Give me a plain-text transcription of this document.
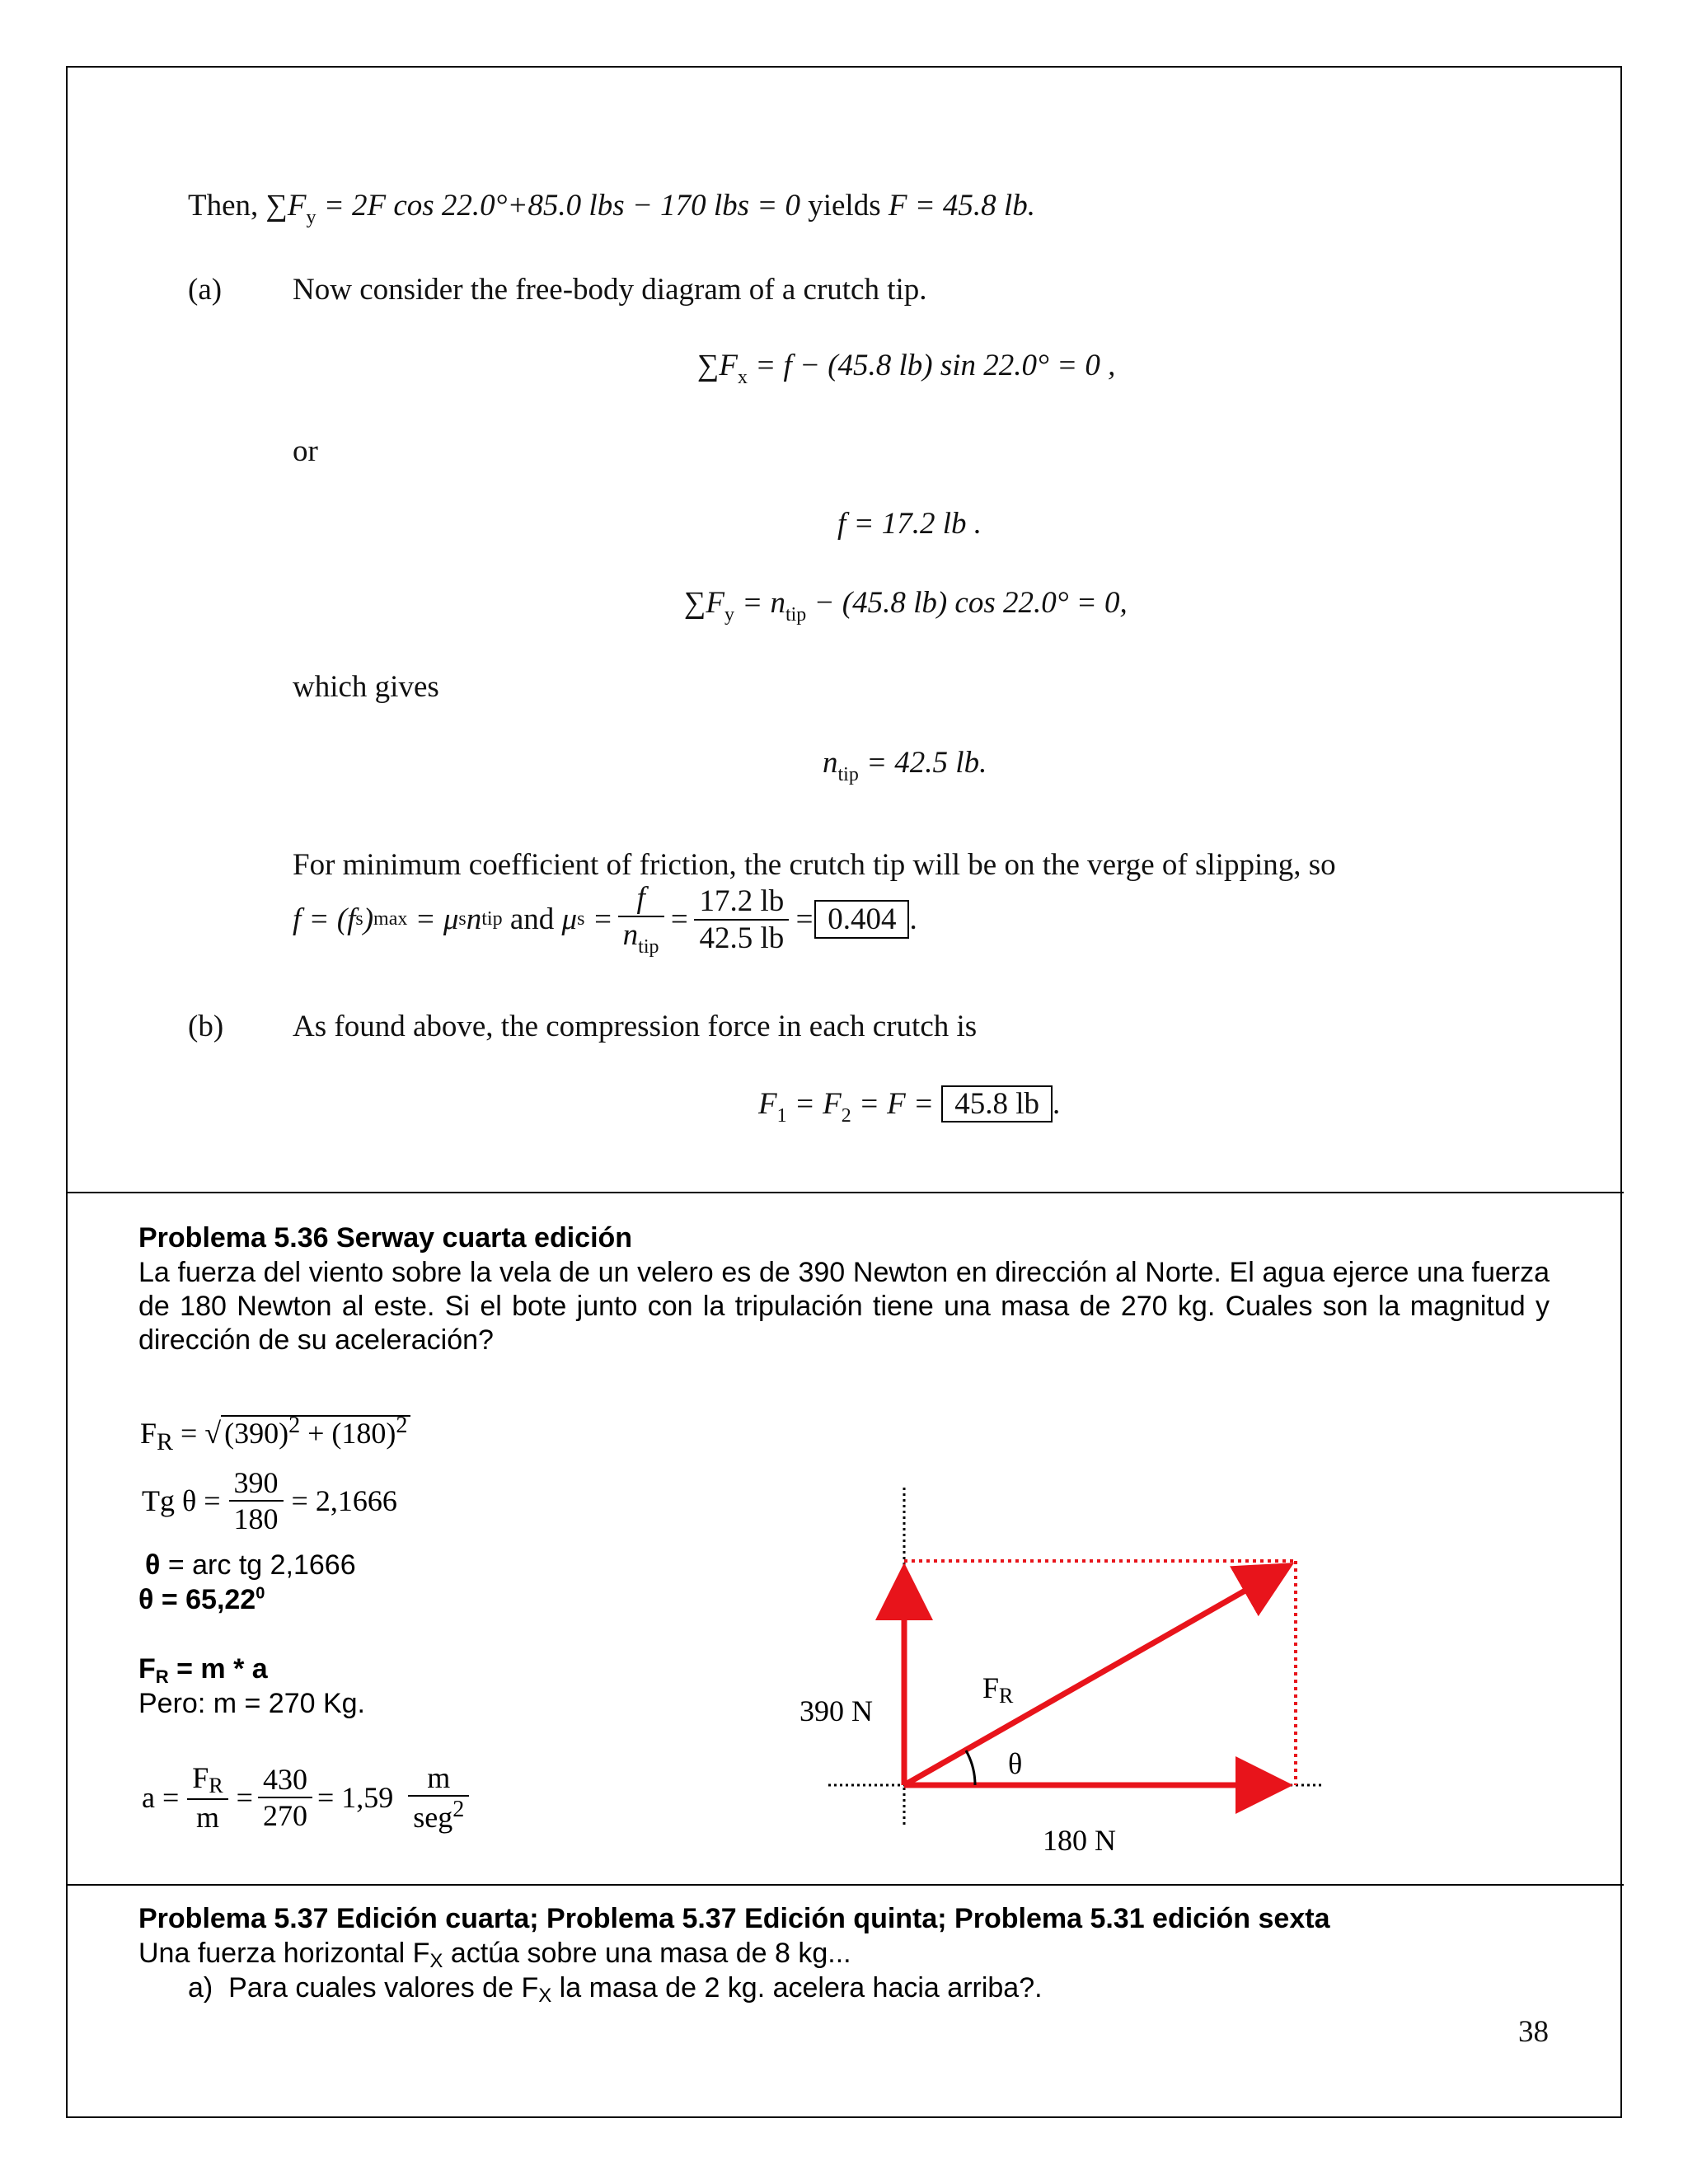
Then, $\sum F_y = 2F$ cos 22.0°+85.0 lbs − 170 lbs = 0 yields F = 45.8 lb.
(a) Now consider the free-body diagram of a crutch tip.
$\sum F_x = f - (45.8$ lb) sin 22.0° = 0 ,
or
f = 17.2 lb .
$\sum F_y = n_{tip} - (45.8$ lb) cos 22.0° = 0,
which gives
$n_{tip} = 42.5$ lb.
For minimum coefficient of friction, the crutch tip will be on the verge of slipping, so
f = (f s ) max
= μ s n tip
and
μ $s = \frac{f}{n_{tip}} = \frac{17.2 lb}{42.5 lb} = 0.404$ .
(b) As found above, the compression force in each crutch is
$F_1 = F_2 = F = 45.8$ lb .
Problema 5.36 Serway cuarta edición
La fuerza del viento sobre la vela de un velero es de 390 Newton en dirección al Norte. El agua ejerce una fuerza de 180 Newton al este. Si el bote junto con la tripulación tiene una masa de 270 kg. Cuales son la magnitud y dirección de su aceleración?
$F_R$ = √ $(390)^2 + (180)^2$
Tg $\theta = \frac{390}{180} = 2,1666$
θ = arc tg 2,1666
$\theta = 65,22^0$
FR = m * a
Pero: m = 270 Kg.
$a = \frac{FR}{m} = \frac{430}{270} = 1,59 \frac{m}{seg^2}$
390 N
180 N
FR
θ
Problema 5.37 Edición cuarta; Problema 5.37 Edición quinta; Problema 5.31 edición sexta
Una fuerza horizontal FX actúa sobre una masa de 8 kg...
a) Para cuales valores de FX la masa de 2 kg. acelera hacia arriba?.
38
